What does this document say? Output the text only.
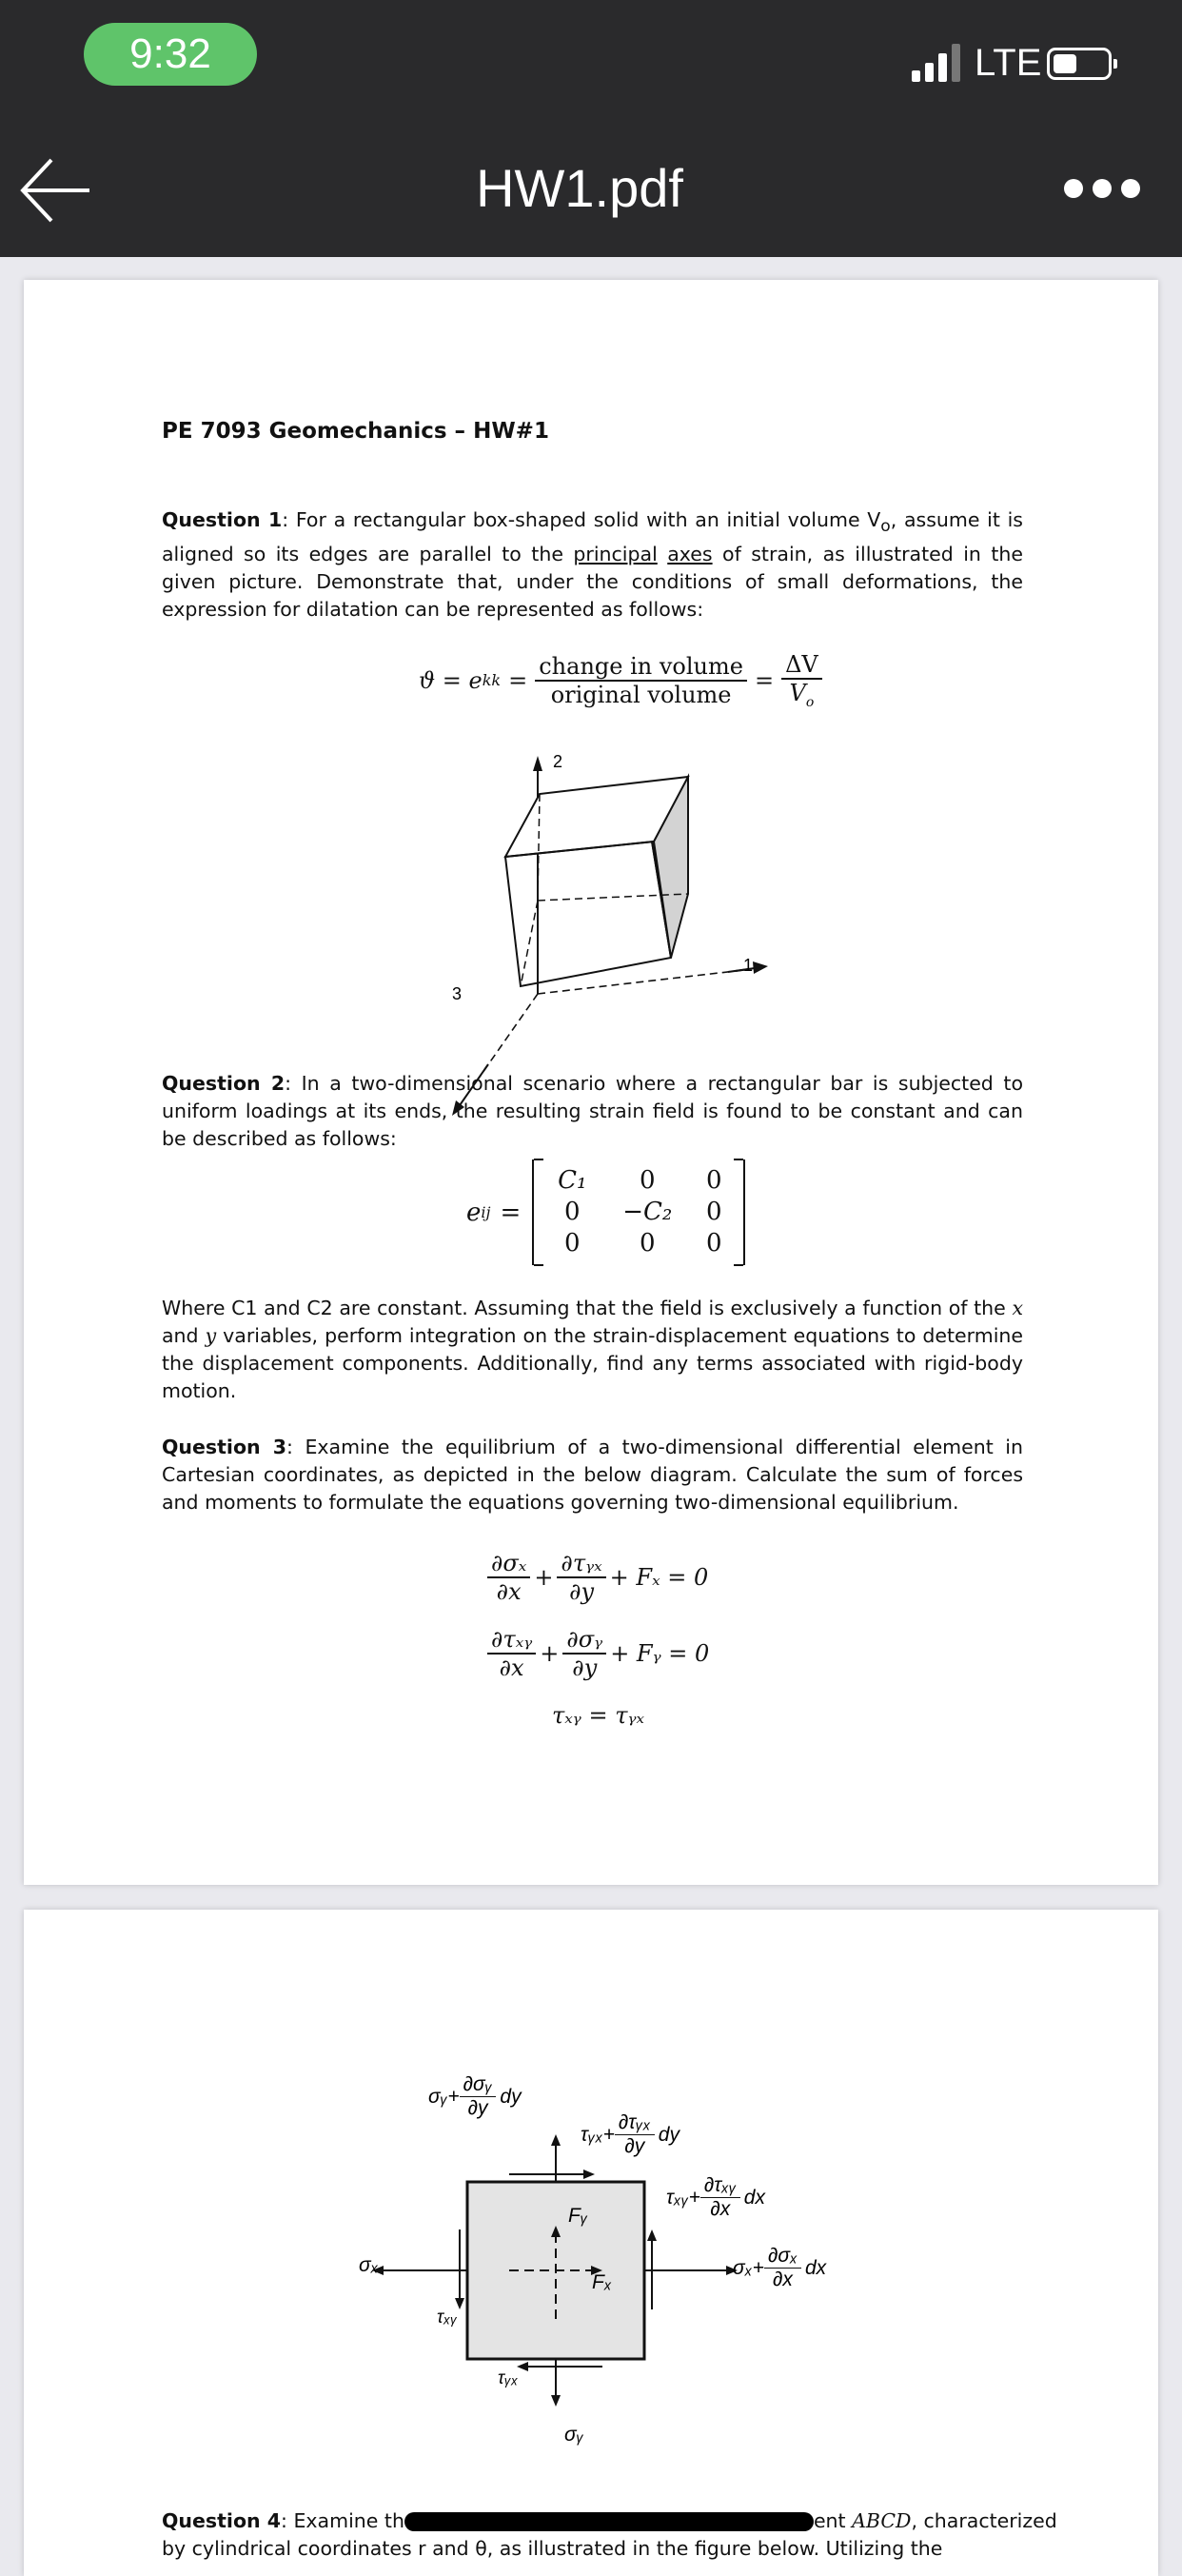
9:32	LTE
HW1.pdf
PE 7093 Geomechanics – HW#1
Question 1: For a rectangular box-shaped solid with an initial volume $V_o$, assume it is aligned so its edges are parallel to the principal axes of strain, as illustrated in the given picture. Demonstrate that, under the conditions of small deformations, the expression for dilatation can be represented as follows:
ϑ = e kk = $\frac{\text{change in volume}}{\text{original volume}} = \frac{\Delta V}{V_o}$
2
1
3
Question 2: In a two-dimensional scenario where a rectangular bar is subjected to uniform loadings at its ends, the resulting strain field is found to be constant and can be described as follows:
e ij =
C₁	0	0
0	−C₂	0
0	0	0
Where C1 and C2 are constant. Assuming that the field is exclusively a function of the x and y variables, perform integration on the strain-displacement equations to determine the displacement components. Additionally, find any terms associated with rigid-body motion.
Question 3: Examine the equilibrium of a two-dimensional differential element in Cartesian coordinates, as depicted in the below diagram. Calculate the sum of forces and moments to formulate the equations governing two-dimensional equilibrium.
$\frac{\text{∂σₓ}}{\partial x} + \frac{\text{∂τᵧₓ}}{\partial y} + F_x = 0$
$\frac{\text{∂τₓᵧ}}{\partial x} + \frac{\text{∂σᵧ}}{\partial y}$ + Fᵧ = 0
τₓᵧ = τᵧₓ
σᵧ+ $\frac{\text{∂σᵧ}}{\partial y}$ dy
τᵧₓ+ $\frac{\text{∂τᵧₓ}}{\partial y}$ dy
τₓᵧ+ $\frac{\text{∂τₓᵧ}}{\partial x}$ dx
$\sigma_x+ \frac{\text{∂σₓ}}{\partial x}$ dx
σₓ
τₓᵧ
τᵧₓ
σᵧ
Fᵧ
Fₓ
Question 4: Examine th	ent ABCD, characterized
by cylindrical coordinates r and θ, as illustrated in the figure below. Utilizing the
